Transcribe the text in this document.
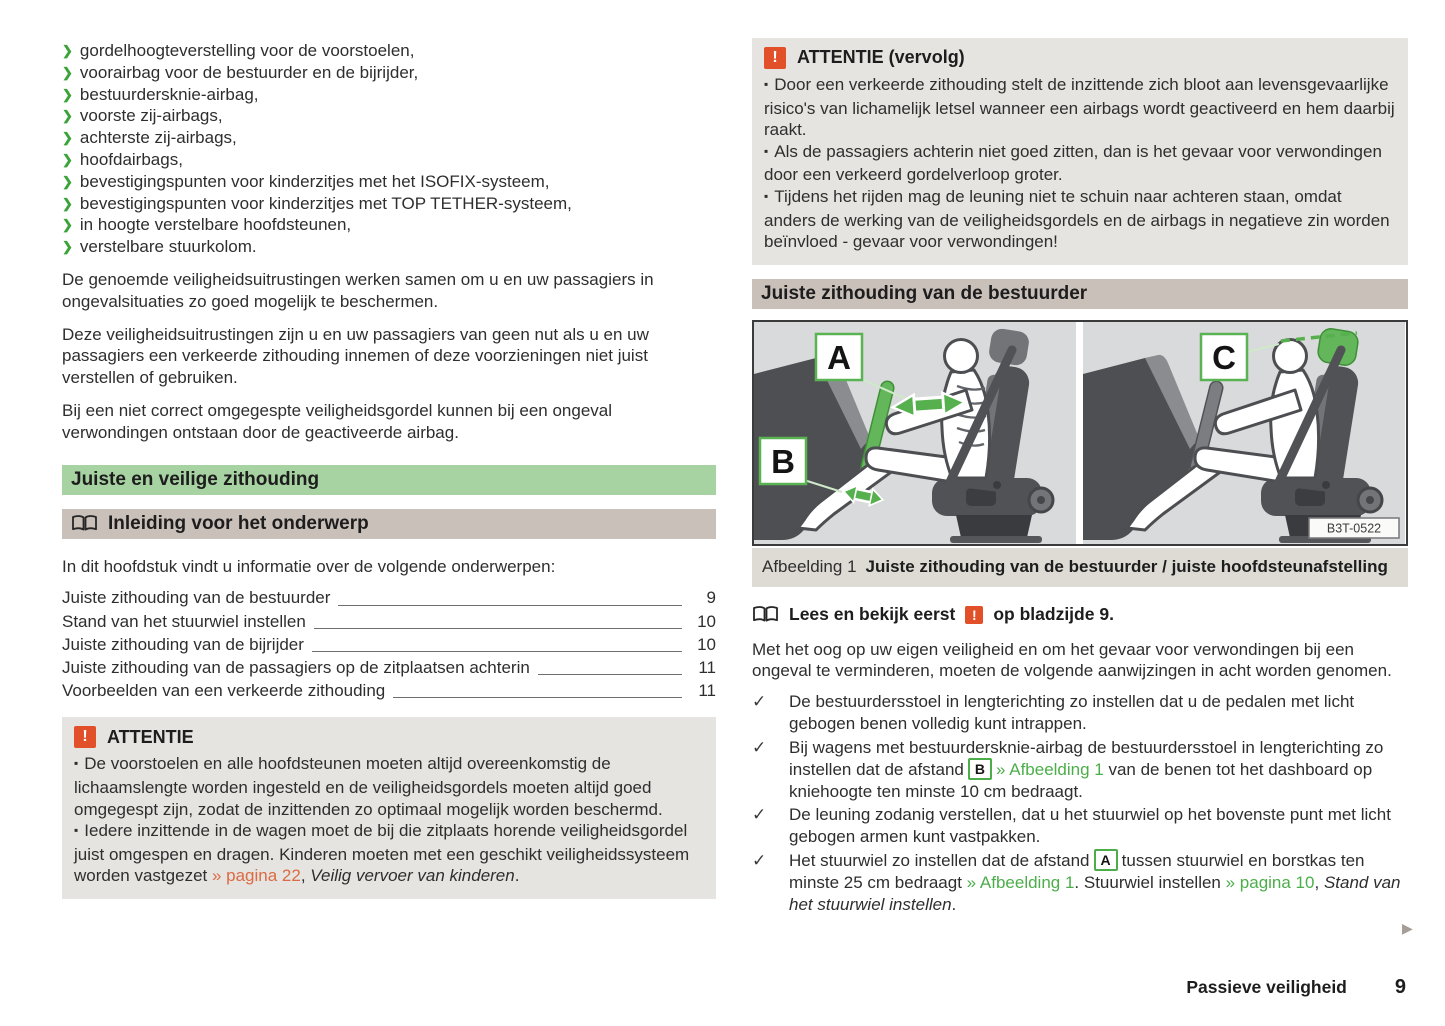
❯ gordelhoogteverstelling voor de voorstoelen,
❯ voorairbag voor de bestuurder en de bijrijder,
❯ bestuurdersknie-airbag,
❯ voorste zij-airbags,
❯ achterste zij-airbags,
❯ hoofdairbags,
❯ bevestigingspunten voor kinderzitjes met het ISOFIX-systeem,
❯ bevestigingspunten voor kinderzitjes met TOP TETHER-systeem,
❯ in hoogte verstelbare hoofdsteunen,
❯ verstelbare stuurkolom.

De genoemde veiligheidsuitrustingen werken samen om u en uw passagiers in ongevalsituaties zo goed mogelijk te beschermen.

Deze veiligheidsuitrustingen zijn u en uw passagiers van geen nut als u en uw passagiers een verkeerde zithouding innemen of deze voorzieningen niet juist verstellen of gebruiken.

Bij een niet correct omgegespte veiligheidsgordel kunnen bij een ongeval verwondingen ontstaan door de geactiveerde airbag.

Juiste en veilige zithouding
Inleiding voor het onderwerp

In dit hoofdstuk vindt u informatie over de volgende onderwerpen:

Juiste zithouding van de bestuurder	9
Stand van het stuurwiel instellen	10
Juiste zithouding van de bijrijder	10
Juiste zithouding van de passagiers op de zitplaatsen achterin	11
Voorbeelden van een verkeerde zithouding	11
!	ATTENTIE

▪ De voorstoelen en alle hoofdsteunen moeten altijd overeenkomstig de lichaamslengte worden ingesteld en de veiligheidsgordels moeten altijd goed omgegespt zijn, zodat de inzittenden zo optimaal mogelijk worden beschermd.

▪ Iedere inzittende in de wagen moet de bij die zitplaats horende veiligheidsgordel juist omgespen en dragen. Kinderen moeten met een geschikt veiligheidssysteem worden vastgezet » pagina 22, Veilig vervoer van kinderen.

!	ATTENTIE (vervolg)

▪ Door een verkeerde zithouding stelt de inzittende zich bloot aan levensgevaarlijke risico's van lichamelijk letsel wanneer een airbags wordt geactiveerd en hem daarbij raakt.

▪ Als de passagiers achterin niet goed zitten, dan is het gevaar voor verwondingen door een verkeerd gordelverloop groter.

▪ Tijdens het rijden mag de leuning niet te schuin naar achteren staan, omdat anders de werking van de veiligheidsgordels en de airbags in negatieve zin worden beïnvloed - gevaar voor verwondingen!

Juiste zithouding van de bestuurder
A
B
C
B3T-0522
Afbeelding 1 Juiste zithouding van de bestuurder / juiste hoofdsteunafstelling
Lees en bekijk eerst	! op bladzijde 9.

Met het oog op uw eigen veiligheid en om het gevaar voor verwondingen bij een ongeval te verminderen, moeten de volgende aanwijzingen in acht worden genomen.

✓	De bestuurdersstoel in lengterichting zo instellen dat u de pedalen met licht gebogen benen volledig kunt intrappen.
✓	Bij wagens met bestuurdersknie-airbag de bestuurdersstoel in lengterichting zo instellen dat de afstand B » Afbeelding 1 van de benen tot het dashboard op kniehoogte ten minste 10 cm bedraagt.
✓	De leuning zodanig verstellen, dat u het stuurwiel op het bovenste punt met licht gebogen armen kunt vastpakken.
✓	Het stuurwiel zo instellen dat de afstand A tussen stuurwiel en borstkas ten minste 25 cm bedraagt » Afbeelding 1. Stuurwiel instellen » pagina 10, Stand van het stuurwiel instellen.
▶
Passieve veiligheid 9
